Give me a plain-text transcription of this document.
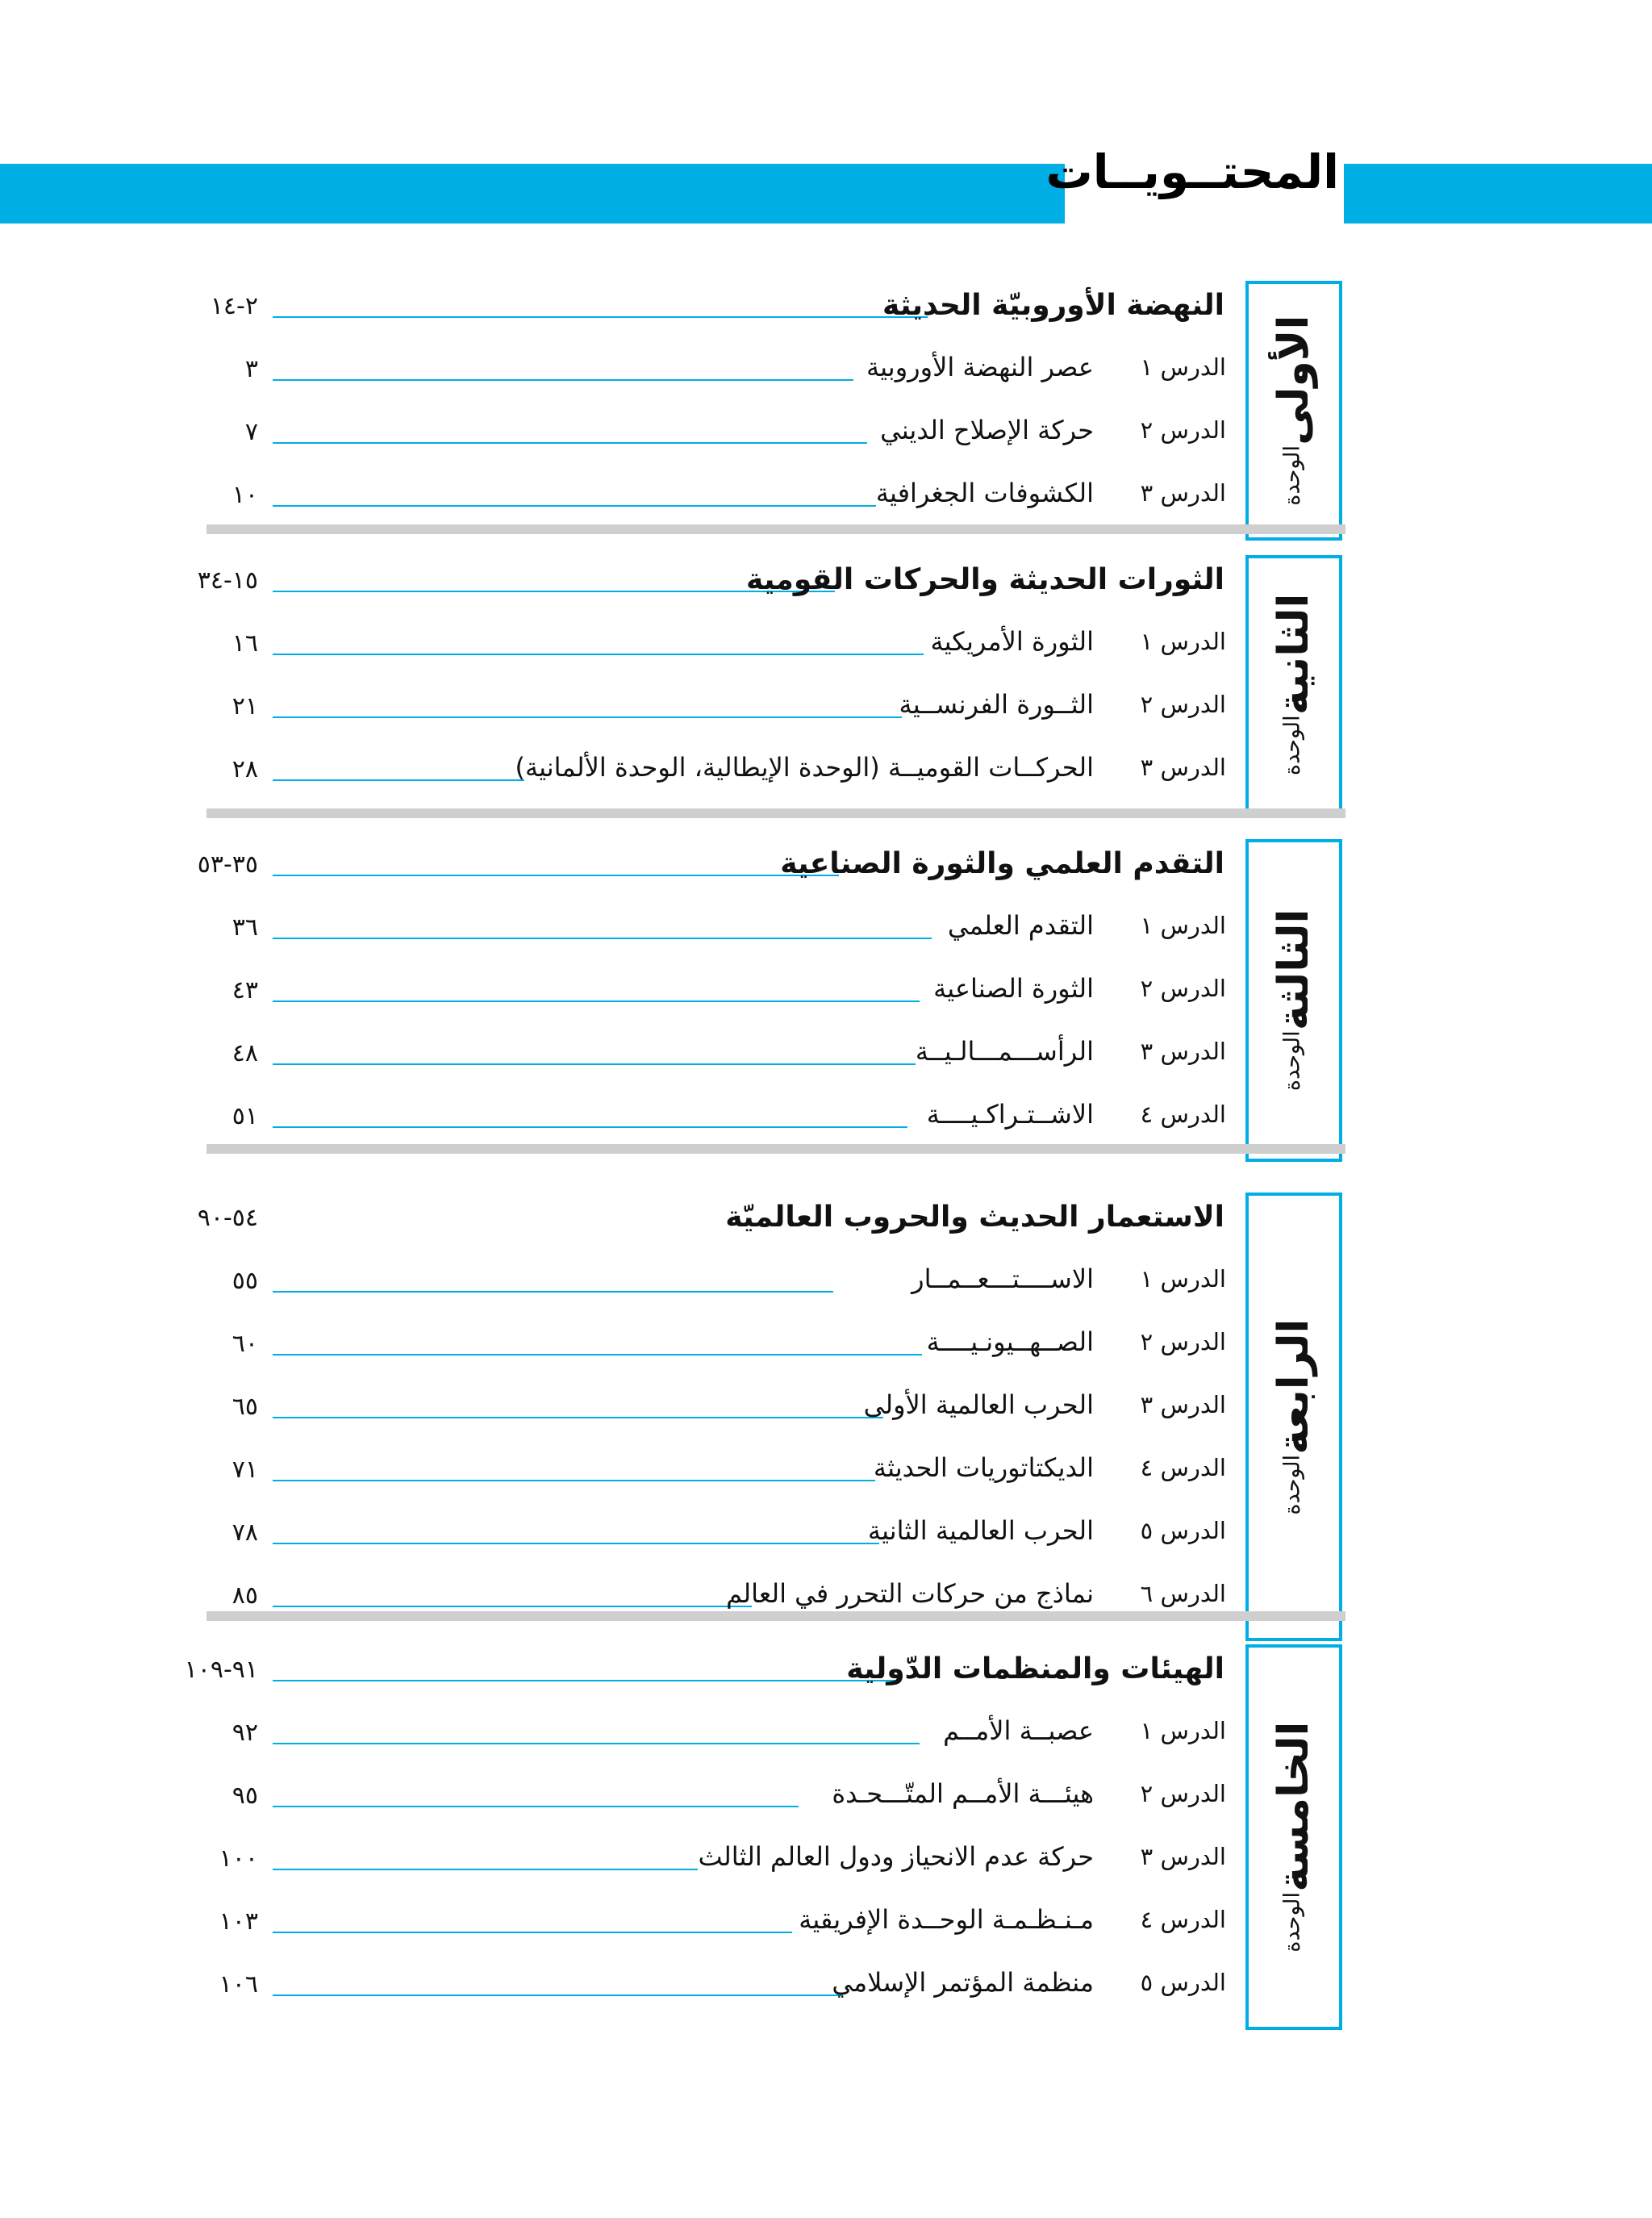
المحتــويــات
الوحدة
الأولى
٢-١٤	النهضة الأوروبيّة الحديثة
٣	عصر النهضة الأوروبية الدرس ١
٧	حركة الإصلاح الديني الدرس ٢
١٠	الكشوفات الجغرافية الدرس ٣
الوحدة
الثانية
١٥-٣٤	الثورات الحديثة والحركات القومية
١٦	الثورة الأمريكية الدرس ١
٢١	الثــورة الفرنســية الدرس ٢
٢٨	الحركــات القوميــة (الوحدة الإيطالية، الوحدة الألمانية) الدرس ٣
الوحدة
الثالثة
٣٥-٥٣	التقدم العلمي والثورة الصناعية
٣٦	التقدم العلمي الدرس ١
٤٣	الثورة الصناعية الدرس ٢
٤٨	الرأســـمـــالـيــة الدرس ٣
٥١	الاشــتـراكـيــــة الدرس ٤
الوحدة
الرابعة
٥٤-٩٠	الاستعمار الحديث والحروب العالميّة
٥٥	الاســــتـــعــمــار الدرس ١
٦٠	الصــهــيونـيــــة الدرس ٢
٦٥	الحرب العالمية الأولى الدرس ٣
٧١	الديكتاتوريات الحديثة الدرس ٤
٧٨	الحرب العالمية الثانية الدرس ٥
٨٥	نماذج من حركات التحرر في العالم الدرس ٦
الوحدة
الخامسة
٩١-١٠٩	الهيئات والمنظمات الدّولية
٩٢	عصبــة الأمــم الدرس ١
٩٥	هيئـــة الأمــم المتّـــحـدة الدرس ٢
١٠٠	حركة عدم الانحياز ودول العالم الثالث الدرس ٣
١٠٣	مـنـظـمـة الوحــدة الإفريقية الدرس ٤
١٠٦	منظمة المؤتمر الإسلامي الدرس ٥
